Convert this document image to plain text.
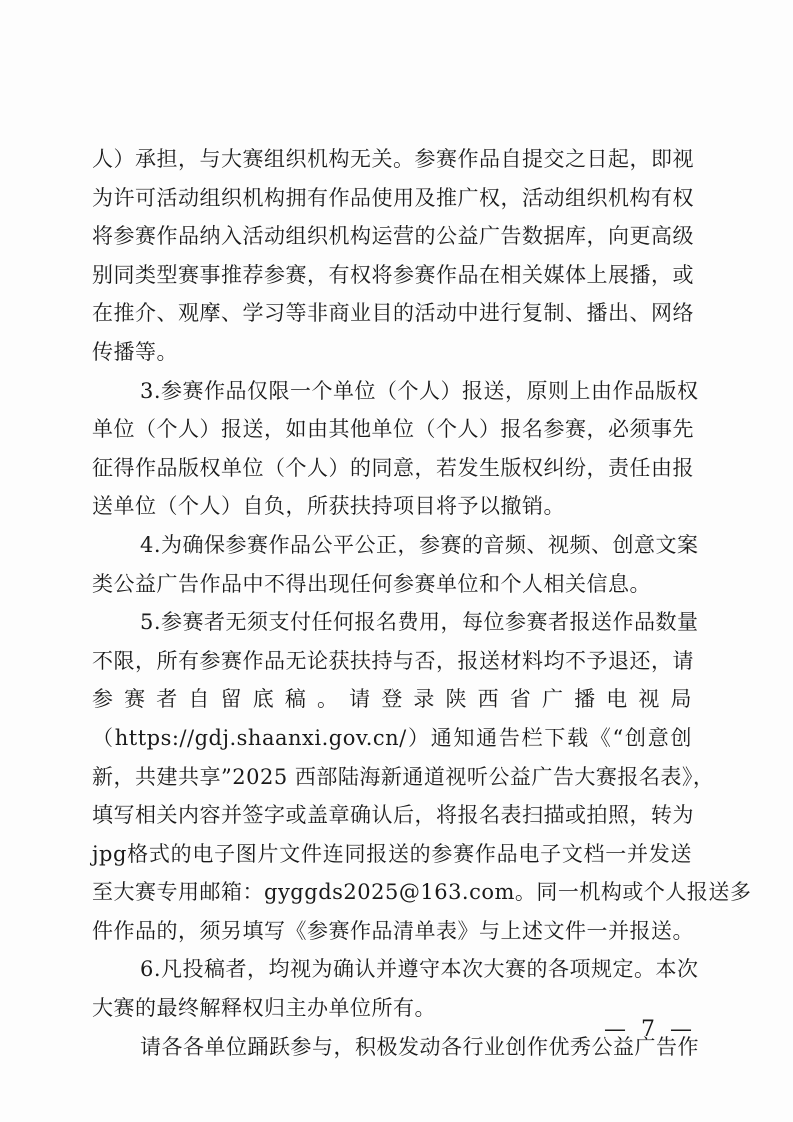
人）承担，与大赛组织机构无关。参赛作品自提交之日起，即视
为许可活动组织机构拥有作品使用及推广权，活动组织机构有权
将参赛作品纳入活动组织机构运营的公益广告数据库，向更高级
别同类型赛事推荐参赛，有权将参赛作品在相关媒体上展播，或
在推介、观摩、学习等非商业目的活动中进行复制、播出、网络
传播等。
3.参赛作品仅限一个单位（个人）报送，原则上由作品版权
单位（个人）报送，如由其他单位（个人）报名参赛，必须事先
征得作品版权单位（个人）的同意，若发生版权纠纷，责任由报
送单位（个人）自负，所获扶持项目将予以撤销。
4.为确保参赛作品公平公正，参赛的音频、视频、创意文案
类公益广告作品中不得出现任何参赛单位和个人相关信息。
5.参赛者无须支付任何报名费用，每位参赛者报送作品数量
不限，所有参赛作品无论获扶持与否，报送材料均不予退还，请
参赛者自留底稿。请登录陕西省广播电视局
（https://gdj.shaanxi.gov.cn/）通知通告栏下载《“创意创
新，共建共享”2025 西部陆海新通道视听公益广告大赛报名表》，
填写相关内容并签字或盖章确认后，将报名表扫描或拍照，转为
jpg格式的电子图片文件连同报送的参赛作品电子文档一并发送
至大赛专用邮箱：gyggds2025@163.com。同一机构或个人报送多
件作品的，须另填写《参赛作品清单表》与上述文件一并报送。
6.凡投稿者，均视为确认并遵守本次大赛的各项规定。本次
大赛的最终解释权归主办单位所有。
请各各单位踊跃参与，积极发动各行业创作优秀公益广告作
— 7 —
